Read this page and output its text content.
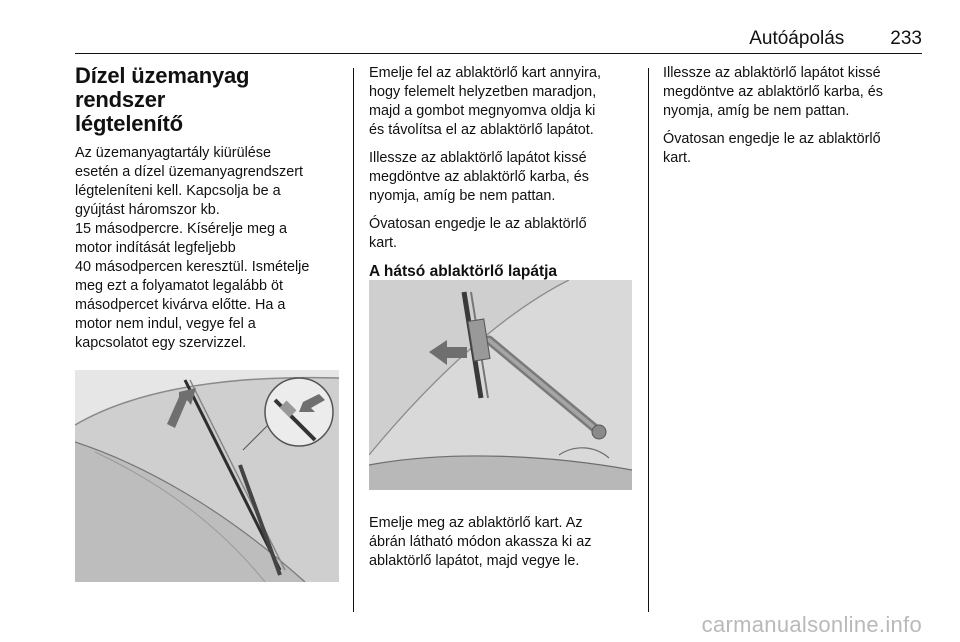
Autóápolás 233
Dízel üzemanyag rendszer
légtelenítő

Az üzemanyagtartály kiürülése
esetén a dízel üzemanyagrendszert
légteleníteni kell. Kapcsolja be a
gyújtást háromszor kb.
15 másodpercre. Kísérelje meg a
motor indítását legfeljebb
40 másodpercen keresztül. Ismételje
meg ezt a folyamatot legalább öt
másodpercet kivárva előtte. Ha a
motor nem indul, vegye fel a
kapcsolatot egy szervizzel.

Emelje fel az ablaktörlő kart annyira,
hogy felemelt helyzetben maradjon,
majd a gombot megnyomva oldja ki
és távolítsa el az ablaktörlő lapátot.

Illessze az ablaktörlő lapátot kissé
megdöntve az ablaktörlő karba, és
nyomja, amíg be nem pattan.

Óvatosan engedje le az ablaktörlő
kart.

A hátsó ablaktörlő lapátja

Emelje meg az ablaktörlő kart. Az
ábrán látható módon akassza ki az
ablaktörlő lapátot, majd vegye le.

Illessze az ablaktörlő lapátot kissé
megdöntve az ablaktörlő karba, és
nyomja, amíg be nem pattan.

Óvatosan engedje le az ablaktörlő
kart.

carmanualsonline.info
